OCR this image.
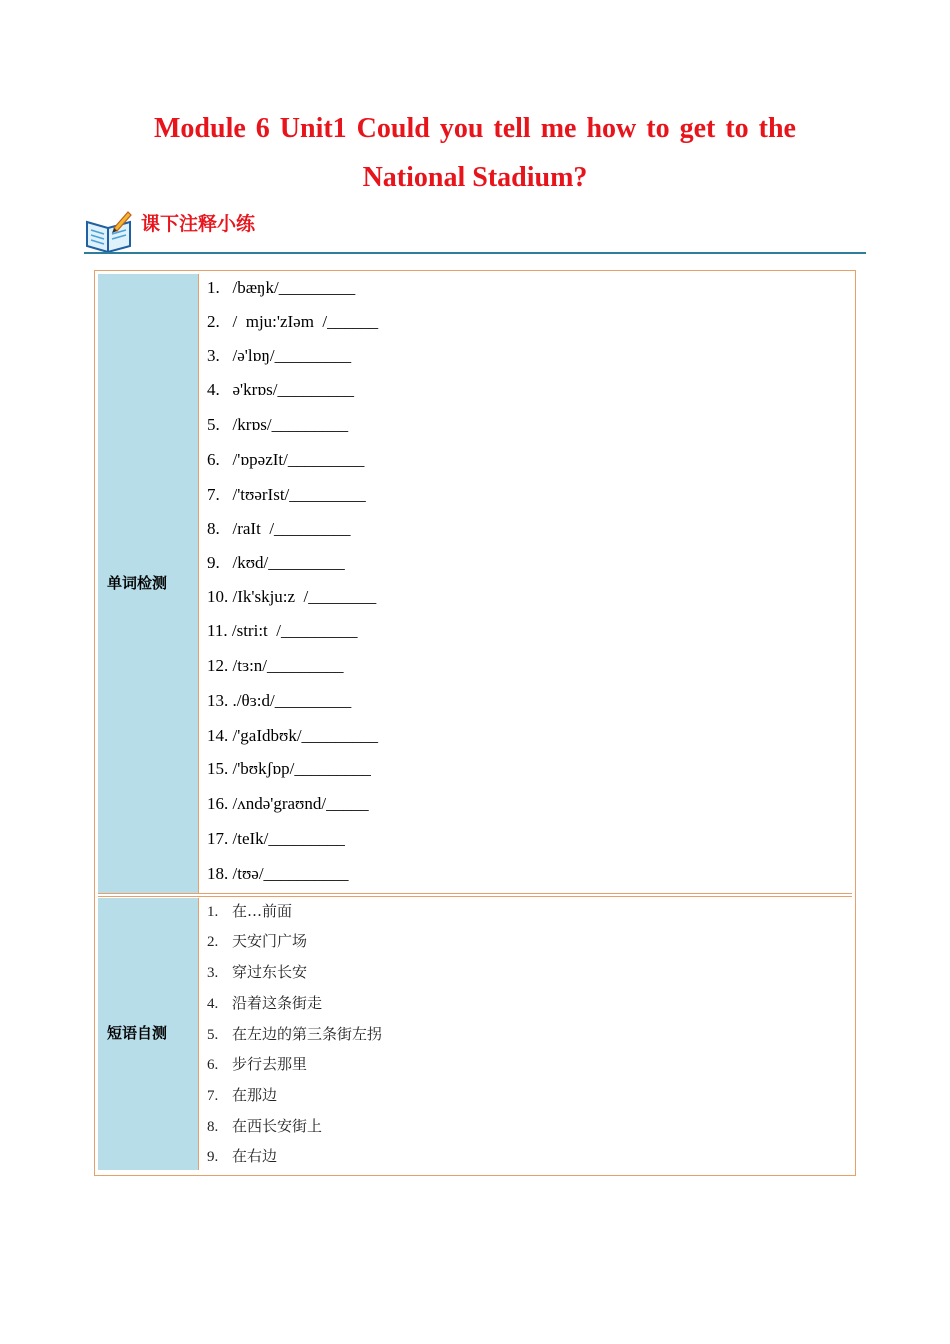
Module 6 Unit1 Could you tell me how to get to the
National Stadium?
课下注释小练
单词检测
短语自测
1.   /bæŋk/_________
2.   /  mju:'zIəm  /______
3.   /ə'lɒŋ/_________
4.   ə'krɒs/_________
5.   /krɒs/_________
6.   /'ɒpəzIt/_________
7.   /'tʊərIst/_________
8.   /raIt  /_________
9.   /kʊd/_________
10. /Ik'skju:z  /________
11. /stri:t  /_________
12. /tɜ:n/_________
13. ./θɜ:d/_________
14. /'gaIdbʊk/_________
15. /'bʊkʃɒp/_________
16. /ʌndə'graʊnd/_____
17. /teIk/_________
18. /tʊə/__________
1. 在…前面
2. 天安门广场
3. 穿过东长安
4. 沿着这条街走
5. 在左边的第三条街左拐
6. 步行去那里
7. 在那边
8. 在西长安街上
9. 在右边
